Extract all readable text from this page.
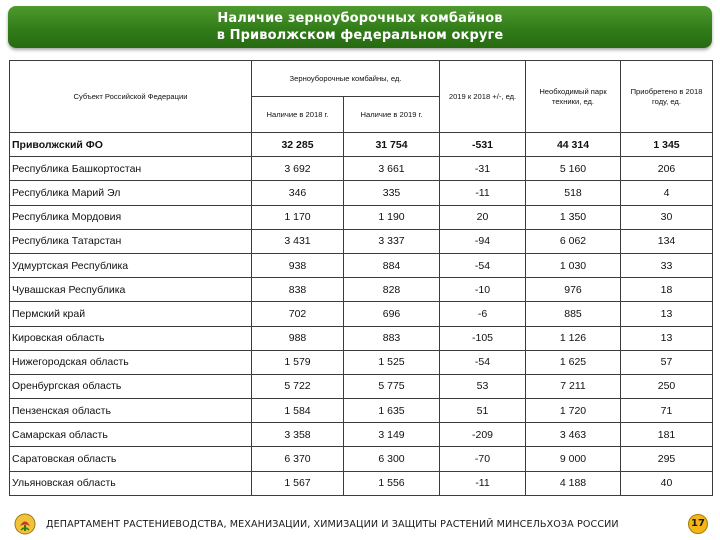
Наличие зерноуборочных комбайнов
в Приволжском федеральном округе
Субъект Российской Федерации	Зерноуборочные комбайны, ед.		2019 к 2018 +/-, ед.	Необходимый парк техники, ед.	Приобретено в 2018 году, ед.
	Наличие в 2018 г.	Наличие в 2019 г.			
Приволжский ФО	32 285	31 754	-531	44 314	1 345
Республика Башкортостан	3 692	3 661	-31	5 160	206
Республика Марий Эл	346	335	-11	518	4
Республика Мордовия	1 170	1 190	20	1 350	30
Республика Татарстан	3 431	3 337	-94	6 062	134
Удмуртская Республика	938	884	-54	1 030	33
Чувашская Республика	838	828	-10	976	18
Пермский край	702	696	-6	885	13
Кировская область	988	883	-105	1 126	13
Нижегородская область	1 579	1 525	-54	1 625	57
Оренбургская область	5 722	5 775	53	7 211	250
Пензенская область	1 584	1 635	51	1 720	71
Самарская область	3 358	3 149	-209	3 463	181
Саратовская область	6 370	6 300	-70	9 000	295
Ульяновская область	1 567	1 556	-11	4 188	40
ДЕПАРТАМЕНТ РАСТЕНИЕВОДСТВА, МЕХАНИЗАЦИИ, ХИМИЗАЦИИ И ЗАЩИТЫ РАСТЕНИЙ МИНСЕЛЬХОЗА РОССИИ	17
